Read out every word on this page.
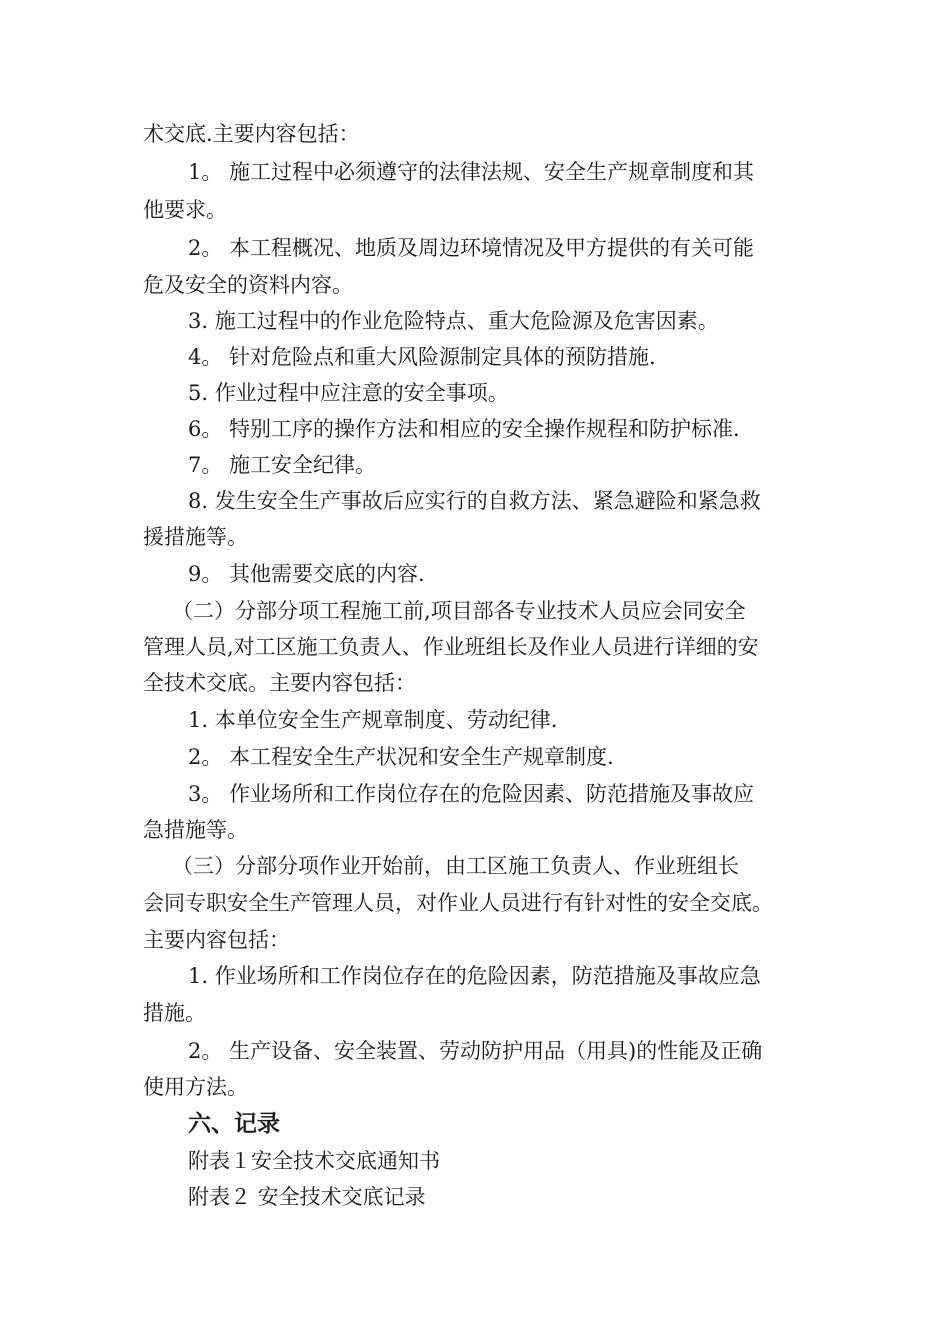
术交底.主要内容包括：
1。 施工过程中必须遵守的法律法规、安全生产规章制度和其
他要求。
2。 本工程概况、地质及周边环境情况及甲方提供的有关可能
危及安全的资料内容。
3. 施工过程中的作业危险特点、重大危险源及危害因素。
4。 针对危险点和重大风险源制定具体的预防措施.
5. 作业过程中应注意的安全事项。
6。 特别工序的操作方法和相应的安全操作规程和防护标准.
7。 施工安全纪律。
8. 发生安全生产事故后应实行的自救方法、紧急避险和紧急救
援措施等。
9。 其他需要交底的内容.
（二）分部分项工程施工前,项目部各专业技术人员应会同安全
管理人员,对工区施工负责人、作业班组长及作业人员进行详细的安
全技术交底。主要内容包括：
1. 本单位安全生产规章制度、劳动纪律.
2。 本工程安全生产状况和安全生产规章制度.
3。 作业场所和工作岗位存在的危险因素、防范措施及事故应
急措施等。
（三）分部分项作业开始前，由工区施工负责人、作业班组长
会同专职安全生产管理人员，对作业人员进行有针对性的安全交底。
主要内容包括：
1. 作业场所和工作岗位存在的危险因素，防范措施及事故应急
措施。
2。 生产设备、安全装置、劳动防护用品（用具)的性能及正确
使用方法。
六、记录
附表１安全技术交底通知书
附表２ 安全技术交底记录
